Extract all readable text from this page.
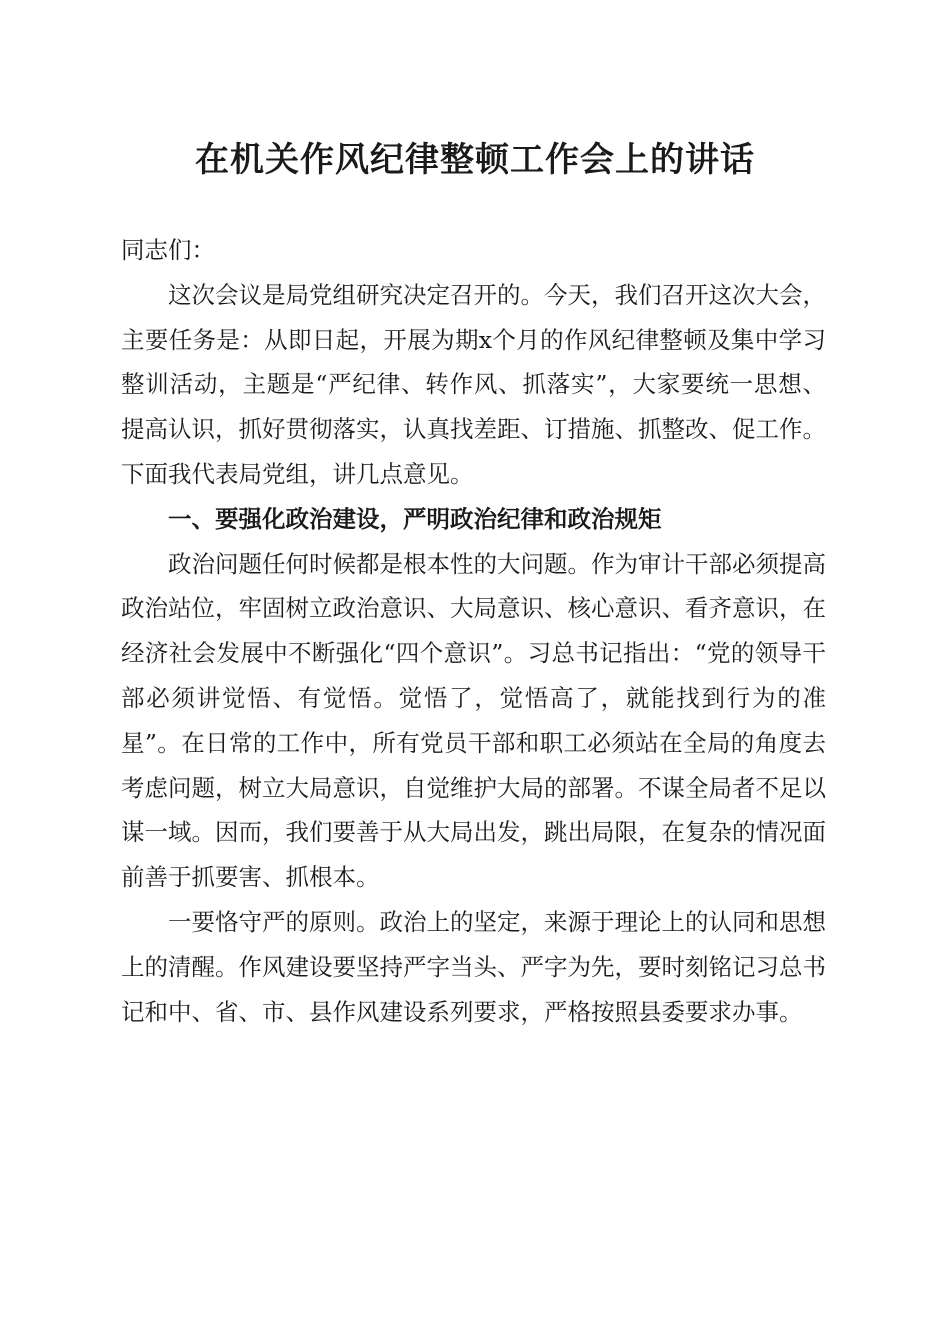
在机关作风纪律整顿工作会上的讲话

同志们：

这次会议是局党组研究决定召开的。今天，我们召开这次大会，主要任务是：从即日起，开展为期x个月的作风纪律整顿及集中学习整训活动，主题是“严纪律、转作风、抓落实”，大家要统一思想、提高认识，抓好贯彻落实，认真找差距、订措施、抓整改、促工作。下面我代表局党组，讲几点意见。

一、要强化政治建设，严明政治纪律和政治规矩

政治问题任何时候都是根本性的大问题。作为审计干部必须提高政治站位，牢固树立政治意识、大局意识、核心意识、看齐意识，在经济社会发展中不断强化“四个意识”。习总书记指出：“党的领导干部必须讲觉悟、有觉悟。觉悟了，觉悟高了，就能找到行为的准星”。在日常的工作中，所有党员干部和职工必须站在全局的角度去考虑问题，树立大局意识，自觉维护大局的部署。不谋全局者不足以谋一域。因而，我们要善于从大局出发，跳出局限，在复杂的情况面前善于抓要害、抓根本。

一要恪守严的原则。政治上的坚定，来源于理论上的认同和思想上的清醒。作风建设要坚持严字当头、严字为先，要时刻铭记习总书记和中、省、市、县作风建设系列要求，严格按照县委要求办事。
